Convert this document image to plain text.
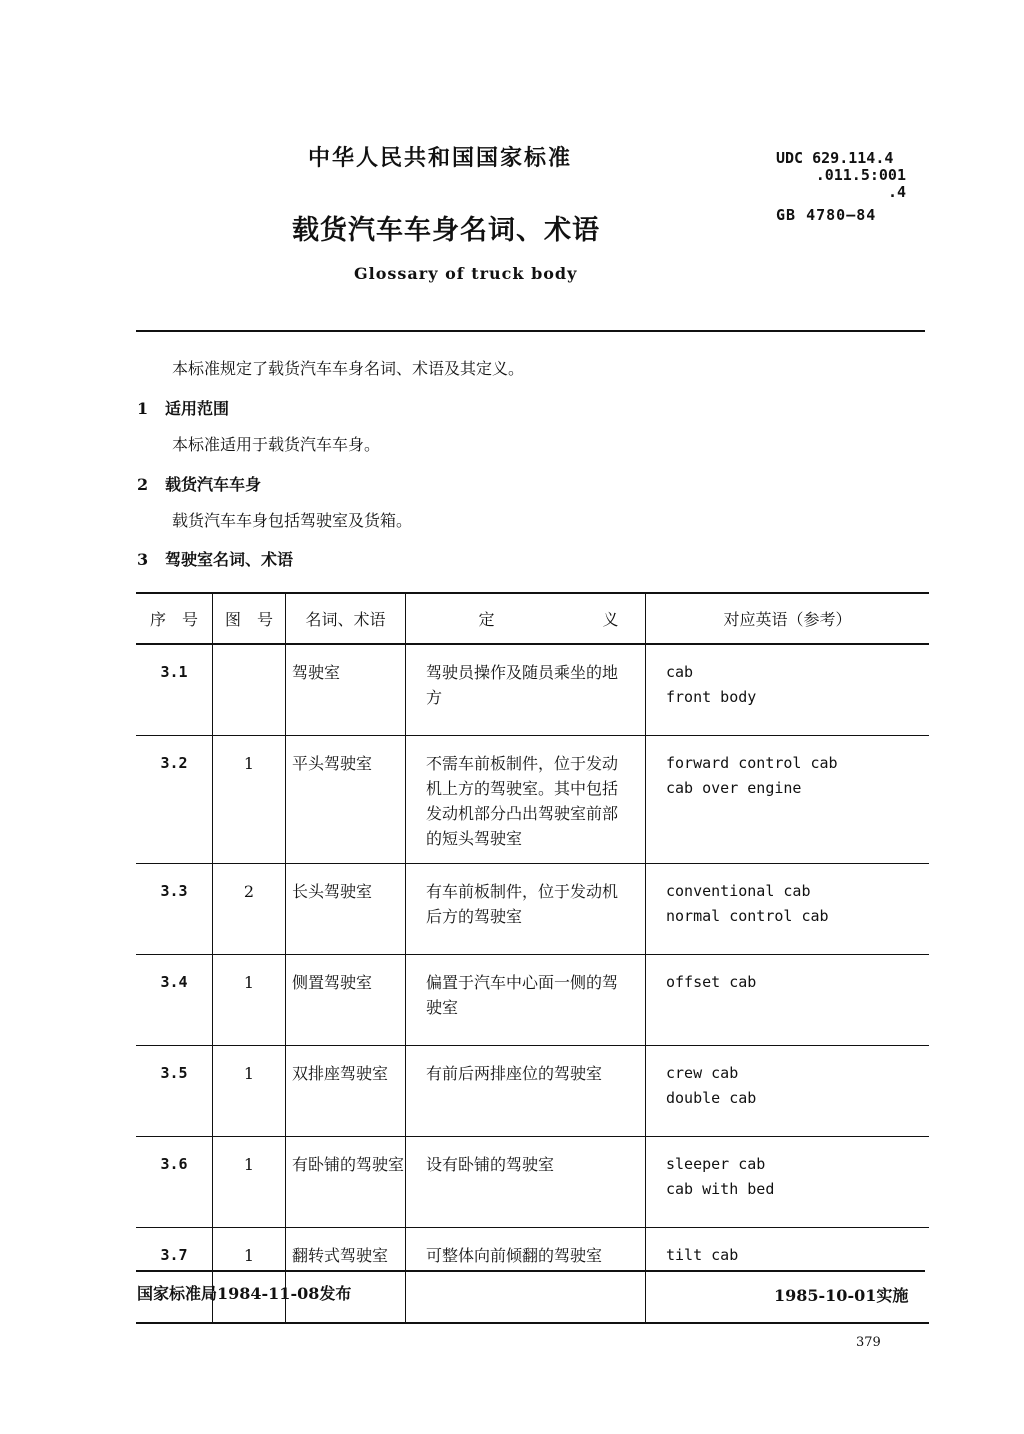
中华人民共和国国家标准
载货汽车车身名词、术语
Glossary of truck body
UDC 629.114.4
.011.5:001
.4
GB 4780—84
本标准规定了载货汽车车身名词、术语及其定义。
1 适用范围
本标准适用于载货汽车车身。
2 载货汽车车身
载货汽车车身包括驾驶室及货箱。
3 驾驶室名词、术语
序　号	图　号	名词、术语	定 义	对应英语（参考）
3.1		驾驶室	驾驶员操作及随员乘坐的地方	cab
front body

3.2	1	平头驾驶室	不需车前板制件，位于发动机上方的驾驶室。其中包括发动机部分凸出驾驶室前部的短头驾驶室	forward control cab
cab over engine

3.3	2	长头驾驶室	有车前板制件，位于发动机后方的驾驶室	conventional cab
normal control cab

3.4	1	侧置驾驶室	偏置于汽车中心面一侧的驾驶室	offset cab

3.5	1	双排座驾驶室	有前后两排座位的驾驶室	crew cab
double cab

3.6	1	有卧铺的驾驶室	设有卧铺的驾驶室	sleeper cab
cab with bed

3.7	1	翻转式驾驶室	可整体向前倾翻的驾驶室	tilt cab
国家标准局1984-11-08发布	1985-10-01实施
379
